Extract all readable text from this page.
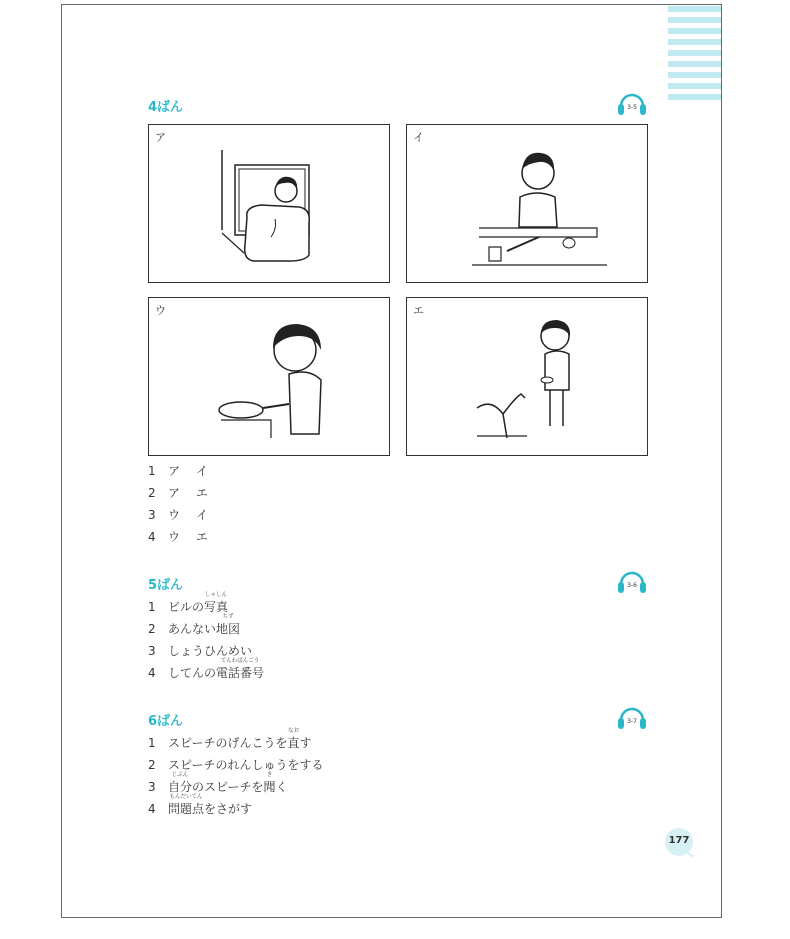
4ばん	3-5
ア	イ
ウ	エ
1 ア イ
2 ア エ
3 ウ イ
4 ウ エ
5ばん	3-6
1 ビルの
しゃしん
写真
2 あんない
ちず
地図
3 しょうひんめい
4 してんの
でんわばんごう
電話番号
6ばん	3-7
1 スピーチのげんこうを
なお
直す
2 スピーチのれんしゅうをする
3
じぶん
自分のスピーチを
き
聞く
4
もんだいてん
問題点をさがす
177
